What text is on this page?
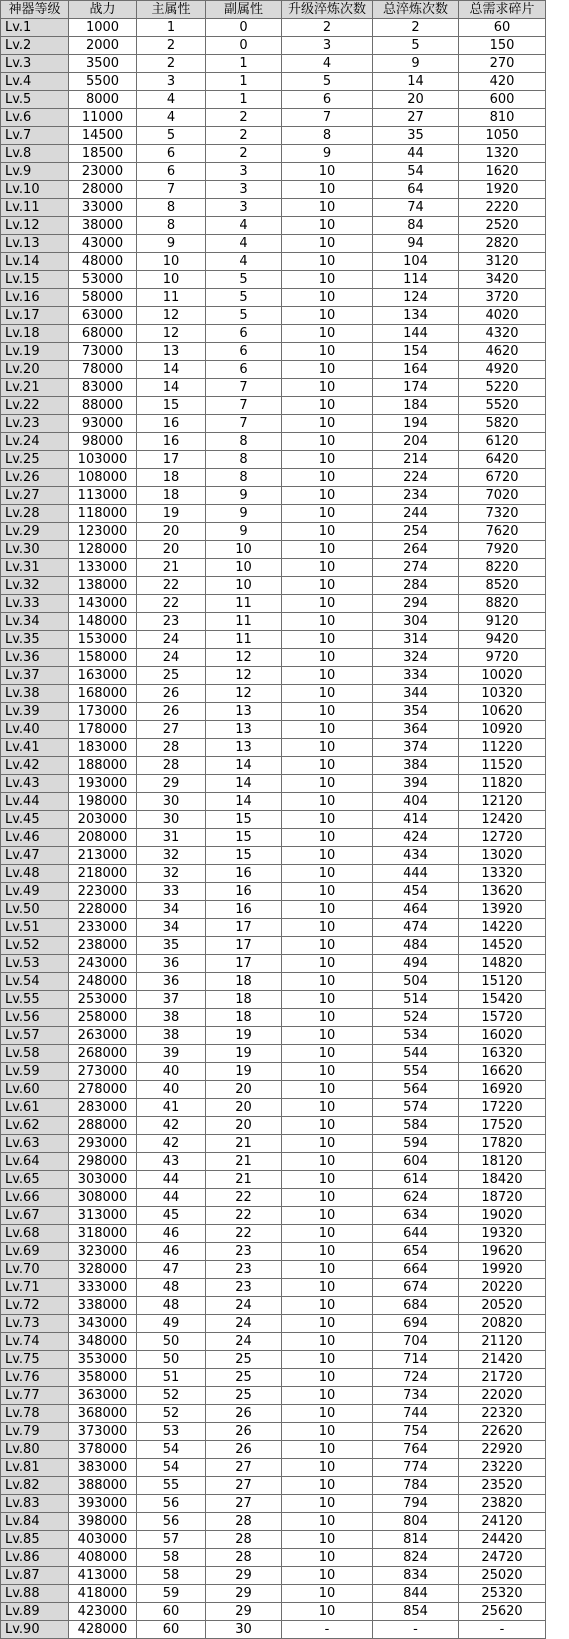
神器等级	战力	主属性	副属性	升级淬炼次数	总淬炼次数	总需求碎片
Lv.1	1000	1	0	2	2	60
Lv.2	2000	2	0	3	5	150
Lv.3	3500	2	1	4	9	270
Lv.4	5500	3	1	5	14	420
Lv.5	8000	4	1	6	20	600
Lv.6	11000	4	2	7	27	810
Lv.7	14500	5	2	8	35	1050
Lv.8	18500	6	2	9	44	1320
Lv.9	23000	6	3	10	54	1620
Lv.10	28000	7	3	10	64	1920
Lv.11	33000	8	3	10	74	2220
Lv.12	38000	8	4	10	84	2520
Lv.13	43000	9	4	10	94	2820
Lv.14	48000	10	4	10	104	3120
Lv.15	53000	10	5	10	114	3420
Lv.16	58000	11	5	10	124	3720
Lv.17	63000	12	5	10	134	4020
Lv.18	68000	12	6	10	144	4320
Lv.19	73000	13	6	10	154	4620
Lv.20	78000	14	6	10	164	4920
Lv.21	83000	14	7	10	174	5220
Lv.22	88000	15	7	10	184	5520
Lv.23	93000	16	7	10	194	5820
Lv.24	98000	16	8	10	204	6120
Lv.25	103000	17	8	10	214	6420
Lv.26	108000	18	8	10	224	6720
Lv.27	113000	18	9	10	234	7020
Lv.28	118000	19	9	10	244	7320
Lv.29	123000	20	9	10	254	7620
Lv.30	128000	20	10	10	264	7920
Lv.31	133000	21	10	10	274	8220
Lv.32	138000	22	10	10	284	8520
Lv.33	143000	22	11	10	294	8820
Lv.34	148000	23	11	10	304	9120
Lv.35	153000	24	11	10	314	9420
Lv.36	158000	24	12	10	324	9720
Lv.37	163000	25	12	10	334	10020
Lv.38	168000	26	12	10	344	10320
Lv.39	173000	26	13	10	354	10620
Lv.40	178000	27	13	10	364	10920
Lv.41	183000	28	13	10	374	11220
Lv.42	188000	28	14	10	384	11520
Lv.43	193000	29	14	10	394	11820
Lv.44	198000	30	14	10	404	12120
Lv.45	203000	30	15	10	414	12420
Lv.46	208000	31	15	10	424	12720
Lv.47	213000	32	15	10	434	13020
Lv.48	218000	32	16	10	444	13320
Lv.49	223000	33	16	10	454	13620
Lv.50	228000	34	16	10	464	13920
Lv.51	233000	34	17	10	474	14220
Lv.52	238000	35	17	10	484	14520
Lv.53	243000	36	17	10	494	14820
Lv.54	248000	36	18	10	504	15120
Lv.55	253000	37	18	10	514	15420
Lv.56	258000	38	18	10	524	15720
Lv.57	263000	38	19	10	534	16020
Lv.58	268000	39	19	10	544	16320
Lv.59	273000	40	19	10	554	16620
Lv.60	278000	40	20	10	564	16920
Lv.61	283000	41	20	10	574	17220
Lv.62	288000	42	20	10	584	17520
Lv.63	293000	42	21	10	594	17820
Lv.64	298000	43	21	10	604	18120
Lv.65	303000	44	21	10	614	18420
Lv.66	308000	44	22	10	624	18720
Lv.67	313000	45	22	10	634	19020
Lv.68	318000	46	22	10	644	19320
Lv.69	323000	46	23	10	654	19620
Lv.70	328000	47	23	10	664	19920
Lv.71	333000	48	23	10	674	20220
Lv.72	338000	48	24	10	684	20520
Lv.73	343000	49	24	10	694	20820
Lv.74	348000	50	24	10	704	21120
Lv.75	353000	50	25	10	714	21420
Lv.76	358000	51	25	10	724	21720
Lv.77	363000	52	25	10	734	22020
Lv.78	368000	52	26	10	744	22320
Lv.79	373000	53	26	10	754	22620
Lv.80	378000	54	26	10	764	22920
Lv.81	383000	54	27	10	774	23220
Lv.82	388000	55	27	10	784	23520
Lv.83	393000	56	27	10	794	23820
Lv.84	398000	56	28	10	804	24120
Lv.85	403000	57	28	10	814	24420
Lv.86	408000	58	28	10	824	24720
Lv.87	413000	58	29	10	834	25020
Lv.88	418000	59	29	10	844	25320
Lv.89	423000	60	29	10	854	25620
Lv.90	428000	60	30	-	-	-
